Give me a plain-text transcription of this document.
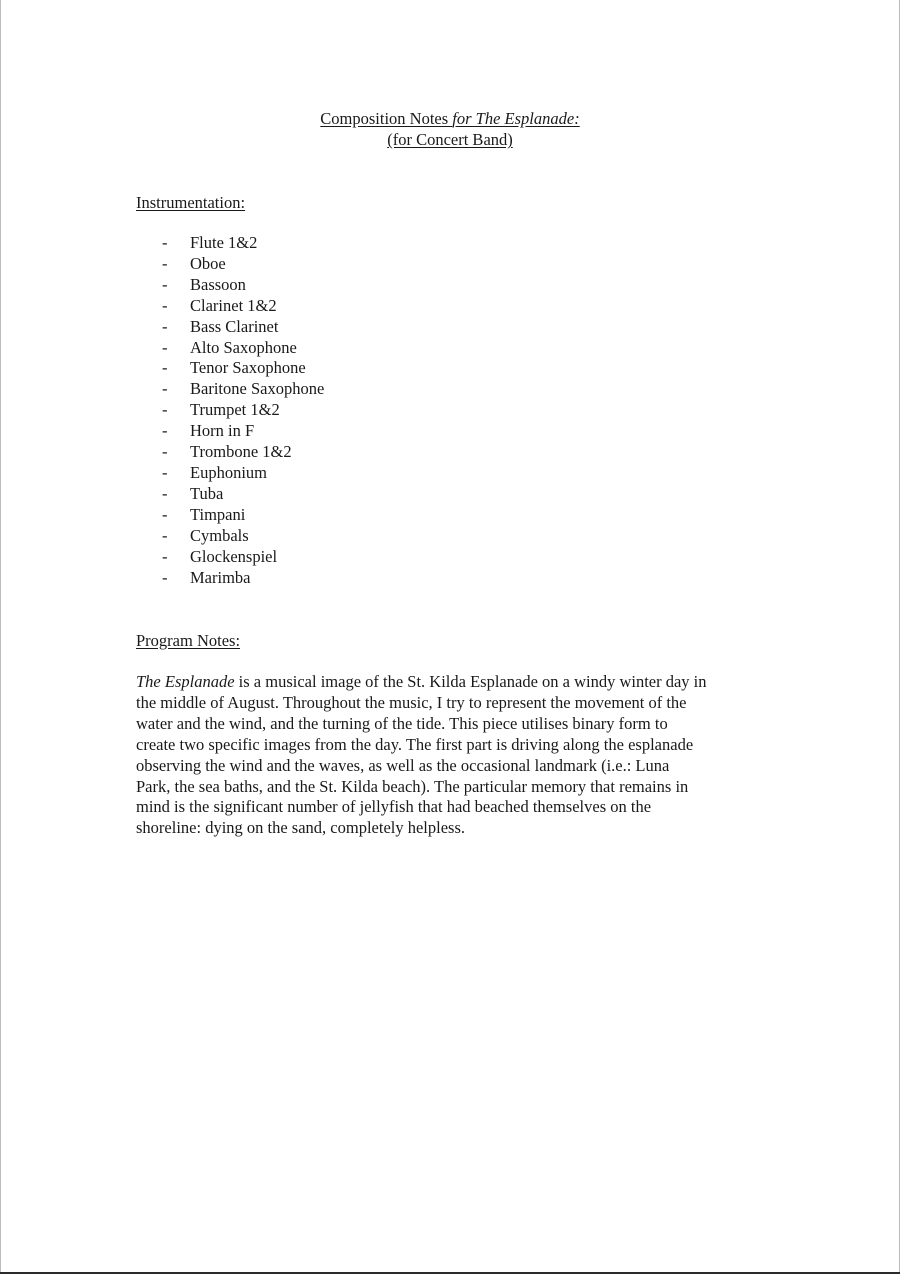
Composition Notes for The Esplanade:
(for Concert Band)
Instrumentation:
-	Flute 1&2
-	Oboe
-	Bassoon
-	Clarinet 1&2
-	Bass Clarinet
-	Alto Saxophone
-	Tenor Saxophone
-	Baritone Saxophone
-	Trumpet 1&2
-	Horn in F
-	Trombone 1&2
-	Euphonium
-	Tuba
-	Timpani
-	Cymbals
-	Glockenspiel
-	Marimba
Program Notes:

The Esplanade is a musical image of the St. Kilda Esplanade on a windy winter day in
the middle of August. Throughout the music, I try to represent the movement of the
water and the wind, and the turning of the tide. This piece utilises binary form to
create two specific images from the day. The first part is driving along the esplanade
observing the wind and the waves, as well as the occasional landmark (i.e.: Luna
Park, the sea baths, and the St. Kilda beach). The particular memory that remains in
mind is the significant number of jellyfish that had beached themselves on the
shoreline: dying on the sand, completely helpless.
